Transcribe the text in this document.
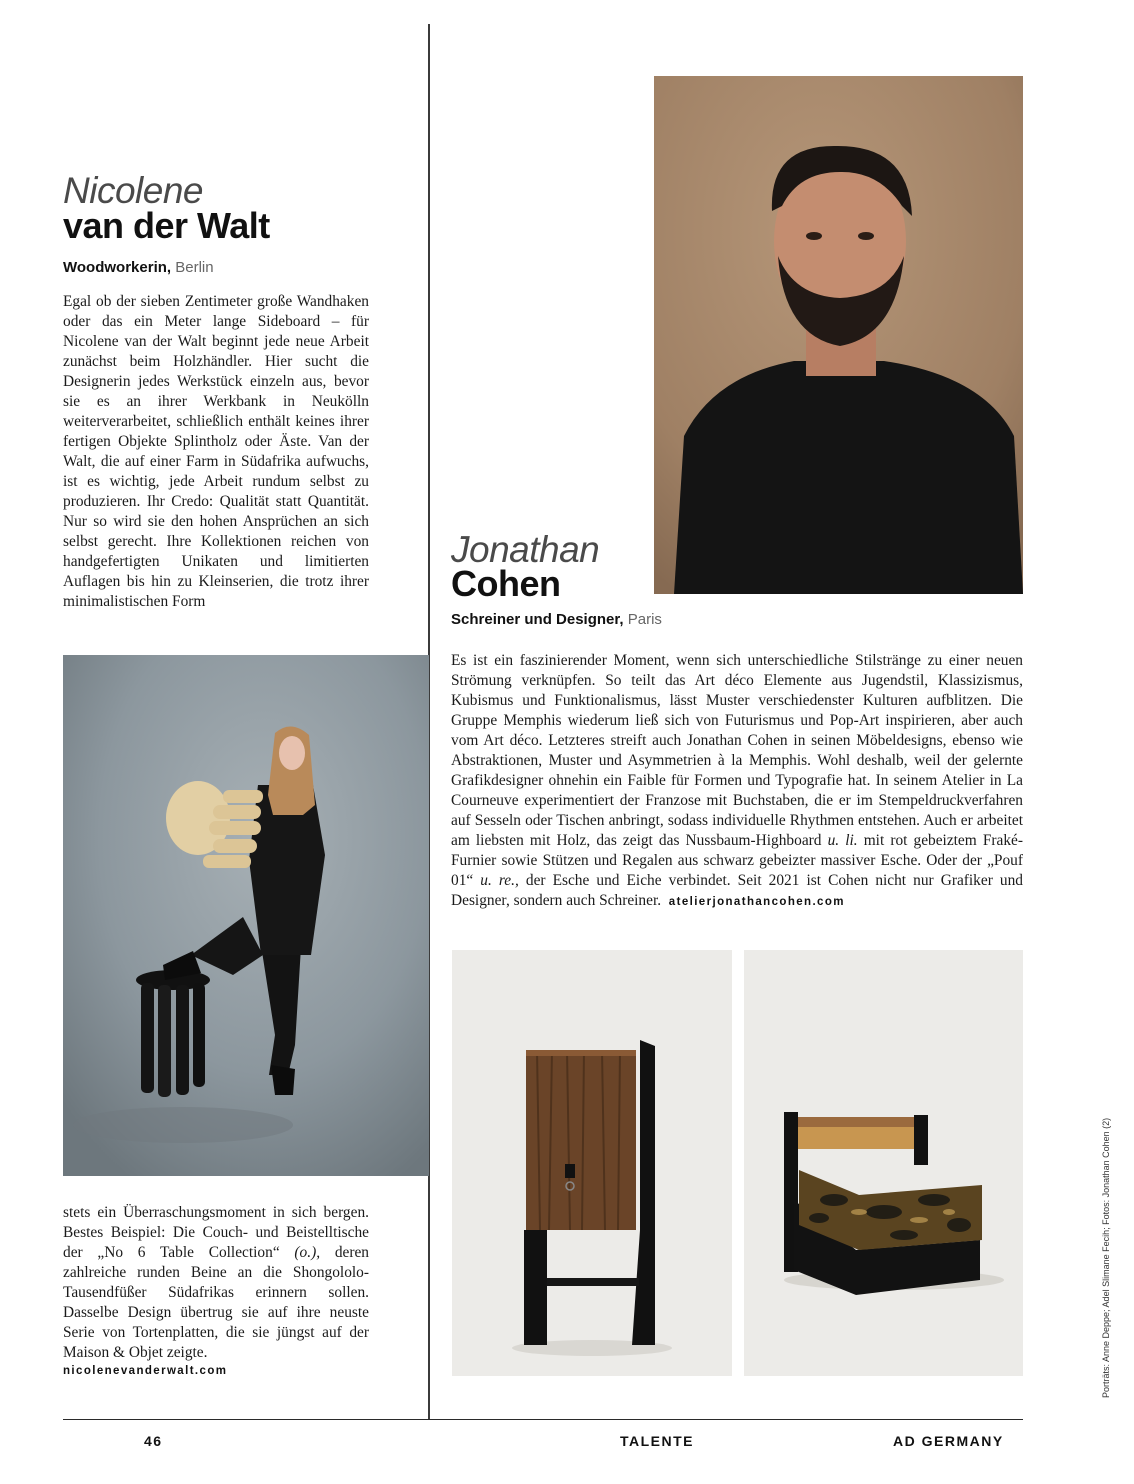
Nicolene
van der Walt
Woodworkerin, Berlin

Egal ob der sieben Zentimeter große Wandhaken oder das ein Meter lange Sideboard – für Nicolene van der Walt beginnt jede neue Arbeit zunächst beim Holzhändler. Hier sucht die Designerin jedes Werkstück einzeln aus, bevor sie es an ihrer Werkbank in Neukölln weiterverarbeitet, schließlich enthält keines ihrer fertigen Objekte Splintholz oder Äste. Van der Walt, die auf einer Farm in Südafrika aufwuchs, ist es wichtig, jede Arbeit rundum selbst zu produzieren. Ihr Credo: Qualität statt Quantität. Nur so wird sie den hohen Ansprüchen an sich selbst gerecht. Ihre Kollektionen reichen von handgefertigten Unikaten und limitierten Auflagen bis hin zu Kleinserien, die trotz ihrer minimalistischen Form

stets ein Überraschungsmoment in sich bergen. Bestes Beispiel: Die Couch- und Beistelltische der „No 6 Table Collection“ (o.), deren zahlreiche runden Beine an die Shongololo-Tausendfüßer Südafrikas erinnern sollen. Dasselbe Design übertrug sie auf ihre neuste Serie von Tortenplatten, die sie jüngst auf der Maison & Objet zeigte.

nicolenevanderwalt.com
Jonathan
Cohen
Schreiner und Designer, Paris

Es ist ein faszinierender Moment, wenn sich unterschiedliche Stilstränge zu einer neuen Strömung verknüpfen. So teilt das Art déco Elemente aus Jugendstil, Klassizismus, Kubismus und Funktionalismus, lässt Muster verschiedenster Kulturen aufblitzen. Die Gruppe Memphis wiederum ließ sich von Futurismus und Pop-Art inspirieren, aber auch vom Art déco. Letzteres streift auch Jonathan Cohen in seinen Möbeldesigns, ebenso wie Abstraktionen, Muster und Asymmetrien à la Memphis. Wohl deshalb, weil der gelernte Grafikdesigner ohnehin ein Faible für Formen und Typografie hat. In seinem Atelier in La Courneuve experimentiert der Franzose mit Buchstaben, die er im Stempeldruckverfahren auf Sesseln oder Tischen anbringt, sodass individuelle Rhythmen entstehen. Auch er arbeitet am liebsten mit Holz, das zeigt das Nussbaum-Highboard u. li. mit rot gebeiztem Fraké-Furnier sowie Stützen und Regalen aus schwarz gebeizter massiver Esche. Oder der „Pouf 01“ u. re., der Esche und Eiche verbindet. Seit 2021 ist Cohen nicht nur Grafiker und Designer, sondern auch Schreiner. atelierjonathancohen.com

Porträts: Anne Deppe; Adel Slimane Fecih; Fotos: Jonathan Cohen (2)
46	TALENTE	AD GERMANY
